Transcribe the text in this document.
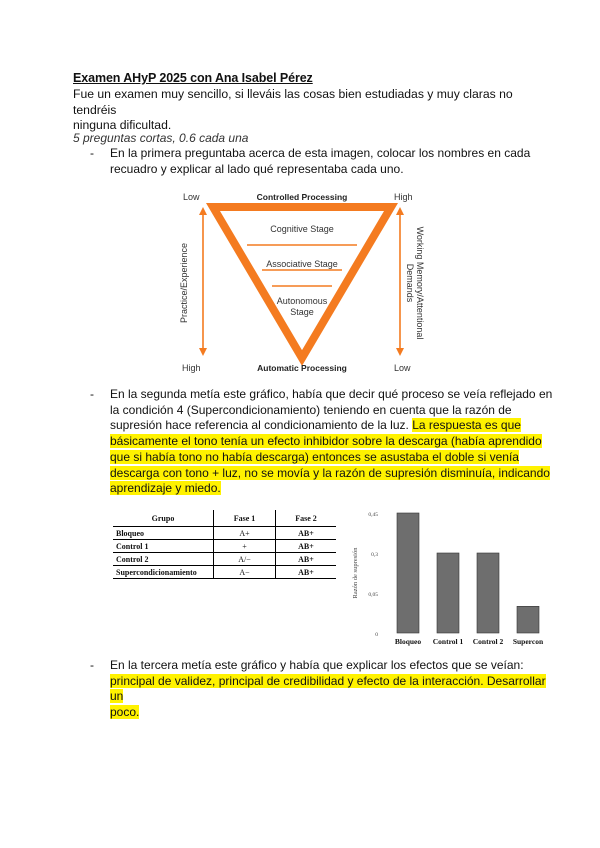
Examen AHyP 2025 con Ana Isabel Pérez
Fue un examen muy sencillo, si lleváis las cosas bien estudiadas y muy claras no tendréis
ninguna dificultad.
5 preguntas cortas, 0.6 cada una
- En la primera preguntaba acerca de esta imagen, colocar los nombres en cada
recuadro y explicar al lado qué representaba cada uno.
Low	High
Controlled Processing
Cognitive Stage
Associative Stage
Autonomous
Stage
Practice/Experience	Working Memory/Attentional
Demands
High	Low
Automatic Processing
- En la segunda metía este gráfico, había que decir qué proceso se veía reflejado en
la condición 4 (Supercondicionamiento) teniendo en cuenta que la razón de
supresión hace referencia al condicionamiento de la luz. La respuesta es que
básicamente el tono tenía un efecto inhibidor sobre la descarga (había aprendido
que si había tono no había descarga) entonces se asustaba el doble si venía
descarga con tono + luz, no se movía y la razón de supresión disminuía, indicando
aprendizaje y miedo.
Grupo	Fase 1	Fase 2
Bloqueo	A+	AB+
Control 1	+	AB+
Control 2	A/−	AB+
Supercondicionamiento	A−	AB+
0
0,05
0,3
0,45
Razón de supresión
Bloqueo Control 1 Control 2 Supercon
- En la tercera metía este gráfico y había que explicar los efectos que se veían:
principal de validez, principal de credibilidad y efecto de la interacción. Desarrollar un
poco.
